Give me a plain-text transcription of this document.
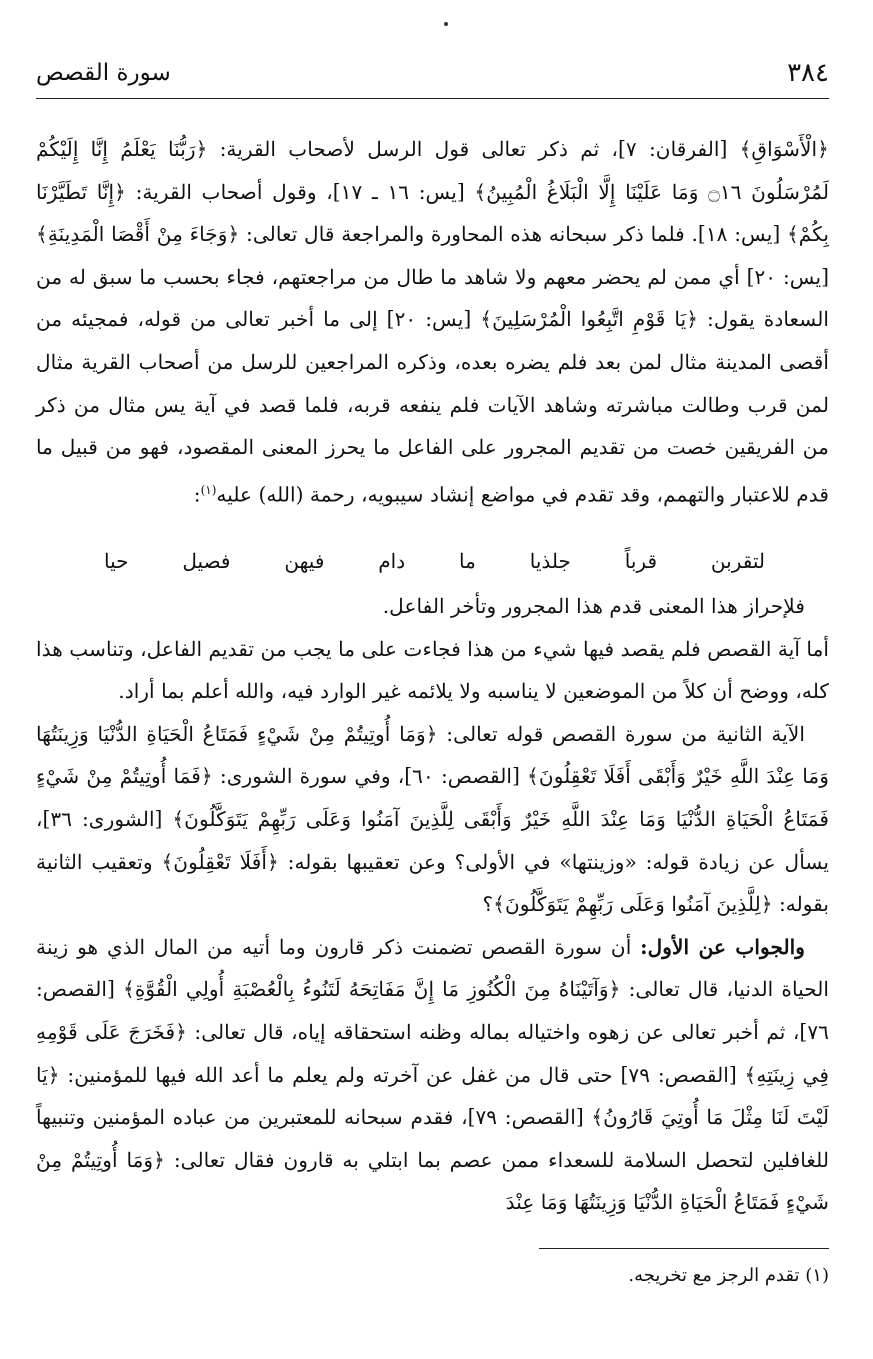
٣٨٤
سورة القصص

﴿الْأَسْوَاقِ﴾ [الفرقان: ٧]، ثم ذكر تعالى قول الرسل لأصحاب القرية: ﴿رَبُّنَا يَعْلَمُ إِنَّا إِلَيْكُمْ لَمُرْسَلُونَ ۝١٦ وَمَا عَلَيْنَا إِلَّا الْبَلَاغُ الْمُبِينُ﴾ [يس: ١٦ ـ ١٧]، وقول أصحاب القرية: ﴿إِنَّا تَطَيَّرْنَا بِكُمْ﴾ [يس: ١٨]. فلما ذكر سبحانه هذه المحاورة والمراجعة قال تعالى: ﴿وَجَاءَ مِنْ أَقْصَا الْمَدِينَةِ﴾ [يس: ٢٠] أي ممن لم يحضر معهم ولا شاهد ما طال من مراجعتهم، فجاء بحسب ما سبق له من السعادة يقول: ﴿يَا قَوْمِ اتَّبِعُوا الْمُرْسَلِينَ﴾ [يس: ٢٠] إلى ما أخبر تعالى من قوله، فمجيئه من أقصى المدينة مثال لمن بعد فلم يضره بعده، وذكره المراجعين للرسل من أصحاب القرية مثال لمن قرب وطالت مباشرته وشاهد الآيات فلم ينفعه قربه، فلما قصد في آية يس مثال من ذكر من الفريقين خصت من تقديم المجرور على الفاعل ما يحرز المعنى المقصود، فهو من قبيل ما قدم للاعتبار والتهمم، وقد تقدم في مواضع إنشاد سيبويه، رحمة (الله) عليه$^{(١)}$:

لتقربن قرباً جلذيا ما دام فيهن فصيل حيا

فلإحراز هذا المعنى قدم هذا المجرور وتأخر الفاعل.

أما آية القصص فلم يقصد فيها شيء من هذا فجاءت على ما يجب من تقديم الفاعل، وتناسب هذا كله، ووضح أن كلاً من الموضعين لا يناسبه ولا يلائمه غير الوارد فيه، والله أعلم بما أراد.

الآية الثانية من سورة القصص قوله تعالى: ﴿وَمَا أُوتِيتُمْ مِنْ شَيْءٍ فَمَتَاعُ الْحَيَاةِ الدُّنْيَا وَزِينَتُهَا وَمَا عِنْدَ اللَّهِ خَيْرٌ وَأَبْقَى أَفَلَا تَعْقِلُونَ﴾ [القصص: ٦٠]، وفي سورة الشورى: ﴿فَمَا أُوتِيتُمْ مِنْ شَيْءٍ فَمَتَاعُ الْحَيَاةِ الدُّنْيَا وَمَا عِنْدَ اللَّهِ خَيْرٌ وَأَبْقَى لِلَّذِينَ آمَنُوا وَعَلَى رَبِّهِمْ يَتَوَكَّلُونَ﴾ [الشورى: ٣٦]، يسأل عن زيادة قوله: «وزينتها» في الأولى؟ وعن تعقيبها بقوله: ﴿أَفَلَا تَعْقِلُونَ﴾ وتعقيب الثانية بقوله: ﴿لِلَّذِينَ آمَنُوا وَعَلَى رَبِّهِمْ يَتَوَكَّلُونَ﴾؟

والجواب عن الأول: أن سورة القصص تضمنت ذكر قارون وما أتيه من المال الذي هو زينة الحياة الدنيا، قال تعالى: ﴿وَآتَيْنَاهُ مِنَ الْكُنُوزِ مَا إِنَّ مَفَاتِحَهُ لَتَنُوءُ بِالْعُصْبَةِ أُولِي الْقُوَّةِ﴾ [القصص: ٧٦]، ثم أخبر تعالى عن زهوه واختياله بماله وظنه استحقاقه إياه، قال تعالى: ﴿فَخَرَجَ عَلَى قَوْمِهِ فِي زِينَتِهِ﴾ [القصص: ٧٩] حتى قال من غفل عن آخرته ولم يعلم ما أعد الله فيها للمؤمنين: ﴿يَا لَيْتَ لَنَا مِثْلَ مَا أُوتِيَ قَارُونُ﴾ [القصص: ٧٩]، فقدم سبحانه للمعتبرين من عباده المؤمنين وتنبيهاً للغافلين لتحصل السلامة للسعداء ممن عصم بما ابتلي به قارون فقال تعالى: ﴿وَمَا أُوتِيتُمْ مِنْ شَيْءٍ فَمَتَاعُ الْحَيَاةِ الدُّنْيَا وَزِينَتُهَا وَمَا عِنْدَ

(١) تقدم الرجز مع تخريجه.
